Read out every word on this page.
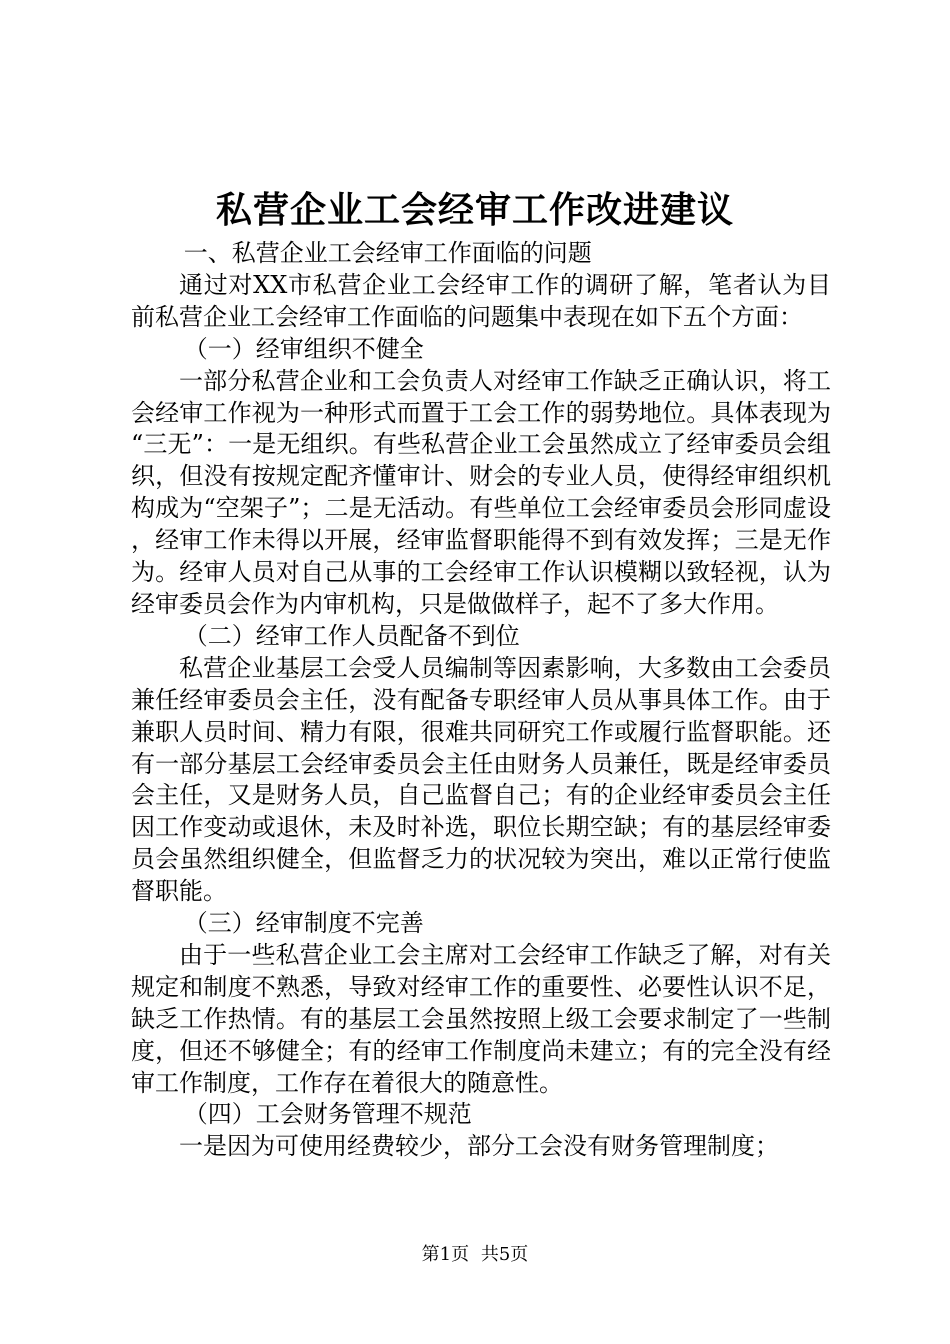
私营企业工会经审工作改进建议

一、私营企业工会经审工作面临的问题

通过对XX市私营企业工会经审工作的调研了解，笔者认为目前私营企业工会经审工作面临的问题集中表现在如下五个方面：

（一）经审组织不健全

一部分私营企业和工会负责人对经审工作缺乏正确认识，将工会经审工作视为一种形式而置于工会工作的弱势地位。具体表现为“三无”：一是无组织。有些私营企业工会虽然成立了经审委员会组织，但没有按规定配齐懂审计、财会的专业人员，使得经审组织机构成为“空架子”；二是无活动。有些单位工会经审委员会形同虚设，经审工作未得以开展，经审监督职能得不到有效发挥；三是无作为。经审人员对自己从事的工会经审工作认识模糊以致轻视，认为经审委员会作为内审机构，只是做做样子，起不了多大作用。

（二）经审工作人员配备不到位

私营企业基层工会受人员编制等因素影响，大多数由工会委员兼任经审委员会主任，没有配备专职经审人员从事具体工作。由于兼职人员时间、精力有限，很难共同研究工作或履行监督职能。还有一部分基层工会经审委员会主任由财务人员兼任，既是经审委员会主任，又是财务人员，自己监督自己；有的企业经审委员会主任因工作变动或退休，未及时补选，职位长期空缺；有的基层经审委员会虽然组织健全，但监督乏力的状况较为突出，难以正常行使监督职能。

（三）经审制度不完善

由于一些私营企业工会主席对工会经审工作缺乏了解，对有关规定和制度不熟悉，导致对经审工作的重要性、必要性认识不足，缺乏工作热情。有的基层工会虽然按照上级工会要求制定了一些制度，但还不够健全；有的经审工作制度尚未建立；有的完全没有经审工作制度，工作存在着很大的随意性。

（四）工会财务管理不规范

一是因为可使用经费较少，部分工会没有财务管理制度；

第1页 共5页
